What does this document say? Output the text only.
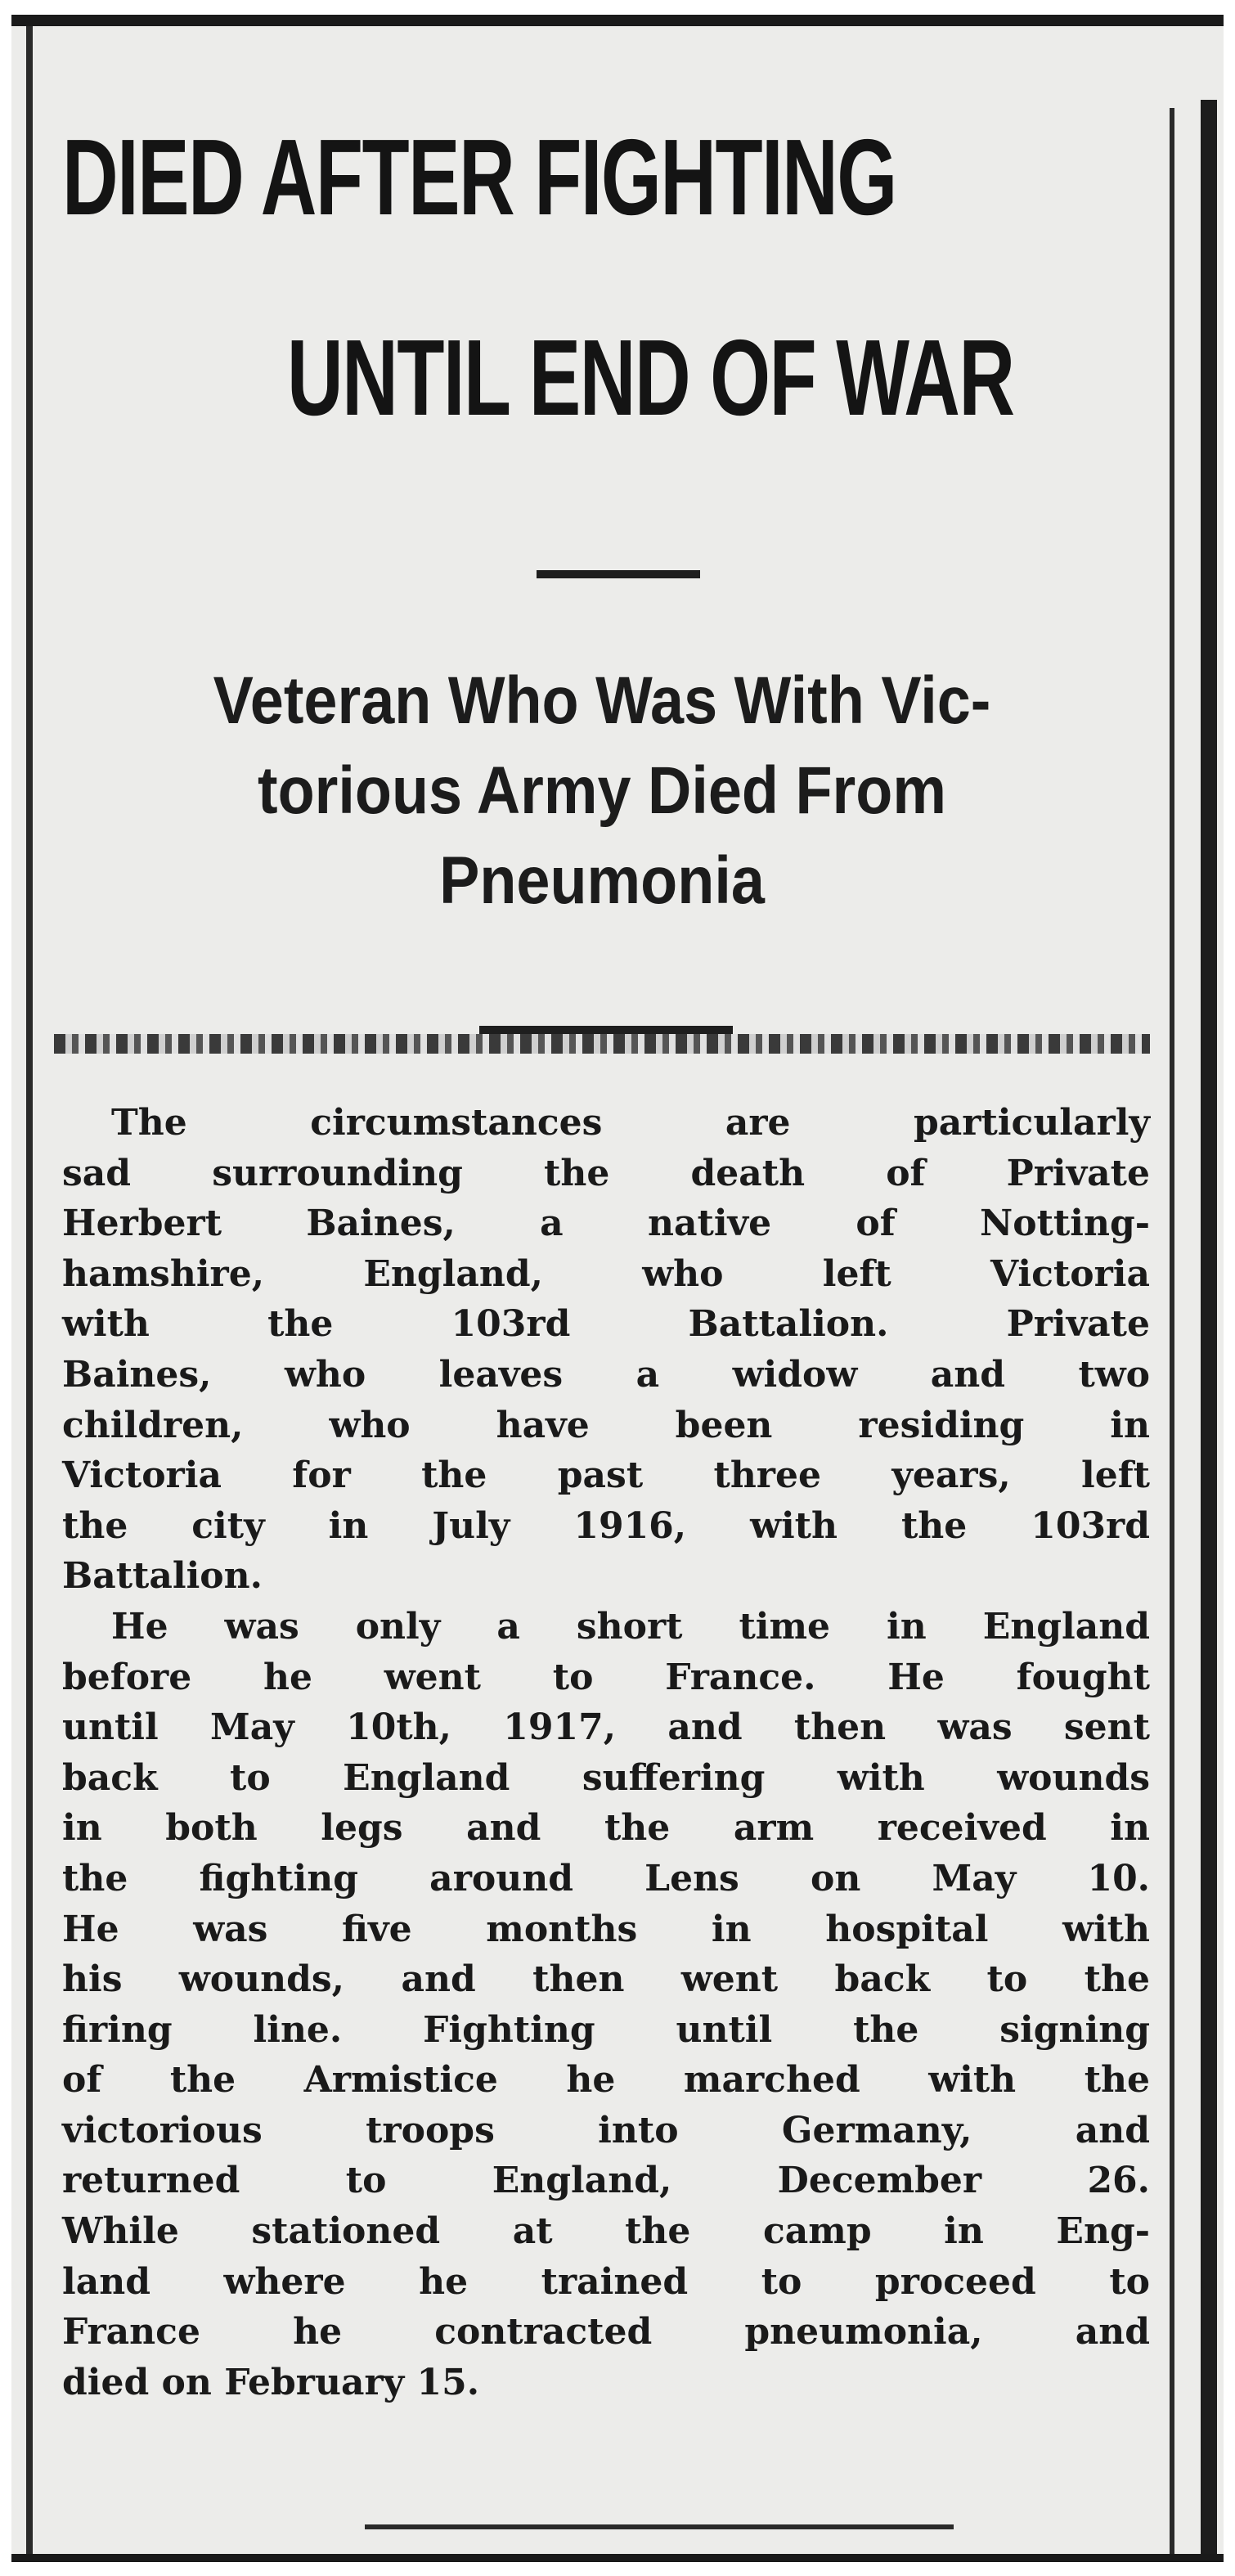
DIED AFTER FIGHTING
UNTIL END OF WAR
Veteran Who Was With Vic-
torious Army Died From
Pneumonia
The circumstances are particularly
sad surrounding the death of Private
Herbert Baines, a native of Notting-
hamshire, England, who left Victoria
with the 103rd Battalion. Private
Baines, who leaves a widow and two
children, who have been residing in
Victoria for the past three years, left
the city in July 1916, with the 103rd
Battalion.
He was only a short time in England
before he went to France. He fought
until May 10th, 1917, and then was sent
back to England suffering with wounds
in both legs and the arm received in
the fighting around Lens on May 10.
He was five months in hospital with
his wounds, and then went back to the
firing line. Fighting until the signing
of the Armistice he marched with the
victorious troops into Germany, and
returned to England, December 26.
While stationed at the camp in Eng-
land where he trained to proceed to
France he contracted pneumonia, and
died on February 15.
